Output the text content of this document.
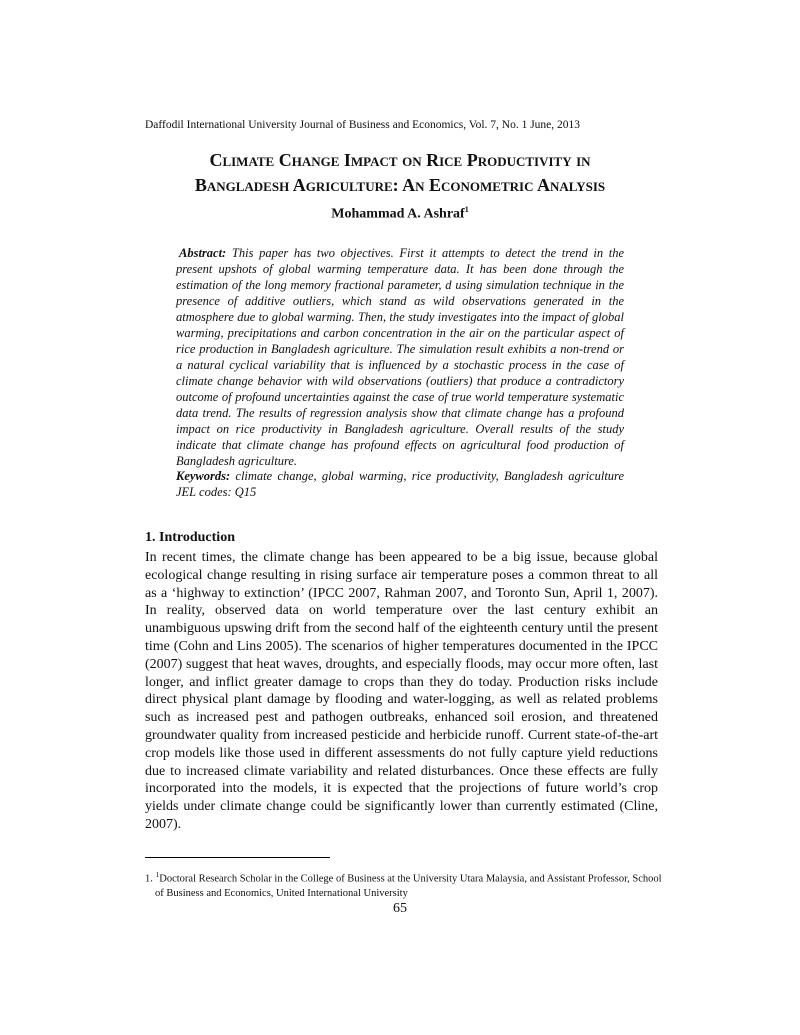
Daffodil International University Journal of Business and Economics, Vol. 7, No. 1 June, 2013
Climate Change Impact on Rice Productivity in
Bangladesh Agriculture: An Econometric Analysis
Mohammad A. Ashraf$^1$
Abstract: This paper has two objectives. First it attempts to detect the trend in the present upshots of global warming temperature data. It has been done through the estimation of the long memory fractional parameter, d using simulation technique in the presence of additive outliers, which stand as wild observations generated in the atmosphere due to global warming. Then, the study investigates into the impact of global warming, precipitations and carbon concentration in the air on the particular aspect of rice production in Bangladesh agriculture. The simulation result exhibits a non-trend or a natural cyclical variability that is influenced by a stochastic process in the case of climate change behavior with wild observations (outliers) that produce a contradictory outcome of profound uncertainties against the case of true world temperature systematic data trend. The results of regression analysis show that climate change has a profound impact on rice productivity in Bangladesh agriculture. Overall results of the study indicate that climate change has profound effects on agricultural food production of Bangladesh agriculture.
Keywords: climate change, global warming, rice productivity, Bangladesh agriculture JEL codes: Q15
1. Introduction
In recent times, the climate change has been appeared to be a big issue, because global ecological change resulting in rising surface air temperature poses a common threat to all as a ‘highway to extinction’ (IPCC 2007, Rahman 2007, and Toronto Sun, April 1, 2007). In reality, observed data on world temperature over the last century exhibit an unambiguous upswing drift from the second half of the eighteenth century until the present time (Cohn and Lins 2005). The scenarios of higher temperatures documented in the IPCC (2007) suggest that heat waves, droughts, and especially floods, may occur more often, last longer, and inflict greater damage to crops than they do today. Production risks include direct physical plant damage by flooding and water-logging, as well as related problems such as increased pest and pathogen outbreaks, enhanced soil erosion, and threatened groundwater quality from increased pesticide and herbicide runoff. Current state-of-the-art crop models like those used in different assessments do not fully capture yield reductions due to increased climate variability and related disturbances. Once these effects are fully incorporated into the models, it is expected that the projections of future world’s crop yields under climate change could be significantly lower than currently estimated (Cline, 2007).
1. $^1$Doctoral Research Scholar in the College of Business at the University Utara Malaysia, and Assistant Professor, School of Business and Economics, United International University
65
